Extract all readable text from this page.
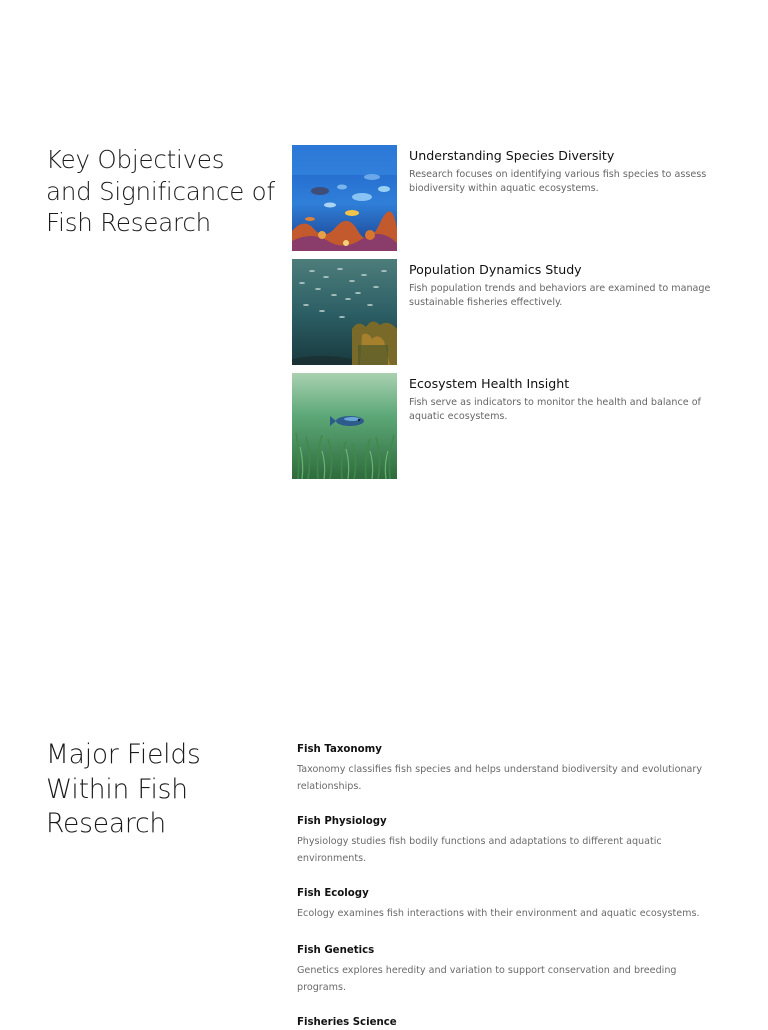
Key Objectives and Significance of Fish Research
Understanding Species Diversity

Research focuses on identifying various fish species to assess biodiversity within aquatic ecosystems.

Population Dynamics Study

Fish population trends and behaviors are examined to manage sustainable fisheries effectively.

Ecosystem Health Insight

Fish serve as indicators to monitor the health and balance of aquatic ecosystems.

Major Fields Within Fish Research
Fish Taxonomy

Taxonomy classifies fish species and helps understand biodiversity and evolutionary relationships.

Fish Physiology

Physiology studies fish bodily functions and adaptations to different aquatic environments.

Fish Ecology

Ecology examines fish interactions with their environment and aquatic ecosystems.

Fish Genetics

Genetics explores heredity and variation to support conservation and breeding programs.

Fisheries Science
